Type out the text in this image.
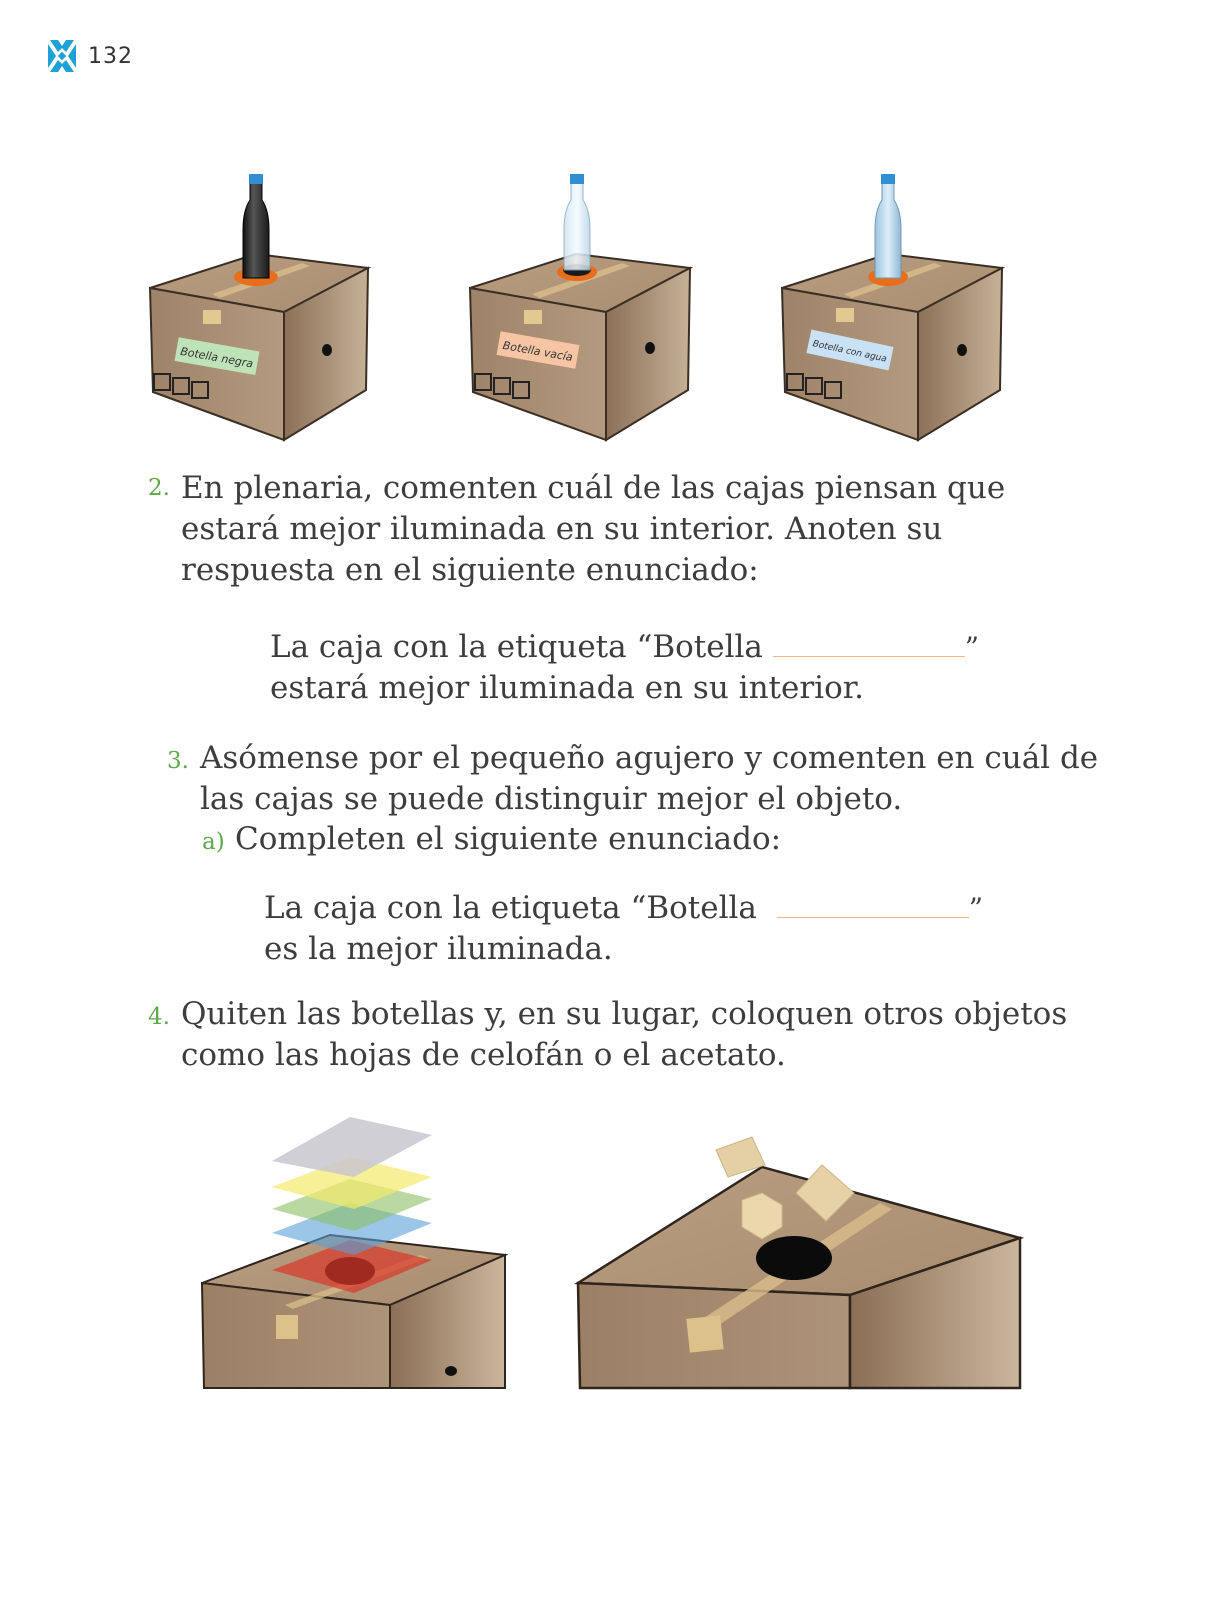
132
Botella negra	Botella vacía	Botella con agua
2. En plenaria, comenten cuál de las cajas piensan que
estará mejor iluminada en su interior. Anoten su
respuesta en el siguiente enunciado:
La caja con la etiqueta “Botella	”
estará mejor iluminada en su interior.
3. Asómense por el pequeño agujero y comenten en cuál de
las cajas se puede distinguir mejor el objeto.
a) Completen el siguiente enunciado:
La caja con la etiqueta “Botella	”
es la mejor iluminada.
4. Quiten las botellas y, en su lugar, coloquen otros objetos
como las hojas de celofán o el acetato.
